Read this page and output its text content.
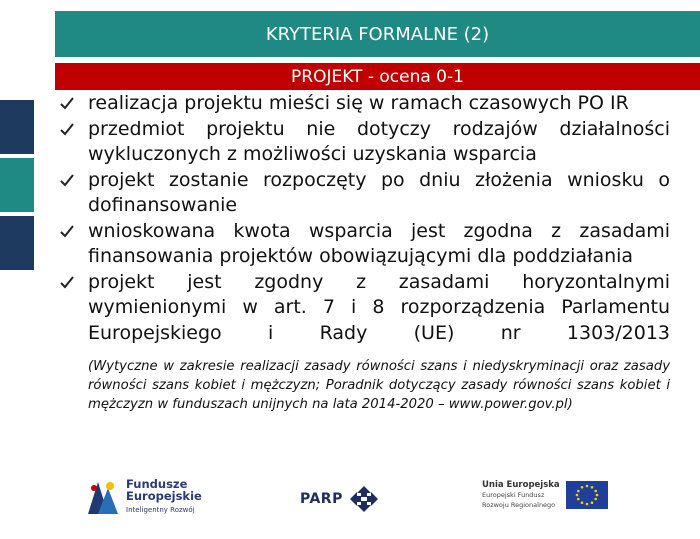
KRYTERIA FORMALNE (2)
PROJEKT - ocena 0-1
realizacja projektu mieści się w ramach czasowych PO IR
przedmiot projektu nie dotyczy rodzajów działalności wykluczonych z możliwości uzyskania wsparcia
projekt zostanie rozpoczęty po dniu złożenia wniosku o dofinansowanie
wnioskowana kwota wsparcia jest zgodna z zasadami finansowania projektów obowiązującymi dla poddziałania
projekt jest zgodny z zasadami horyzontalnymi wymienionymi w art. 7 i 8 rozporządzenia Parlamentu Europejskiego i Rady (UE) nr 1303/2013
(Wytyczne w zakresie realizacji zasady równości szans i niedyskryminacji oraz zasady równości szans kobiet i mężczyzn; Poradnik dotyczący zasady równości szans kobiet i mężczyzn w funduszach unijnych na lata 2014-2020 – www.power.gov.pl)
Fundusze
Europejskie
Inteligentny Rozwój
PARP
Unia Europejska
Europejski Fundusz
Rozwoju Regionalnego
